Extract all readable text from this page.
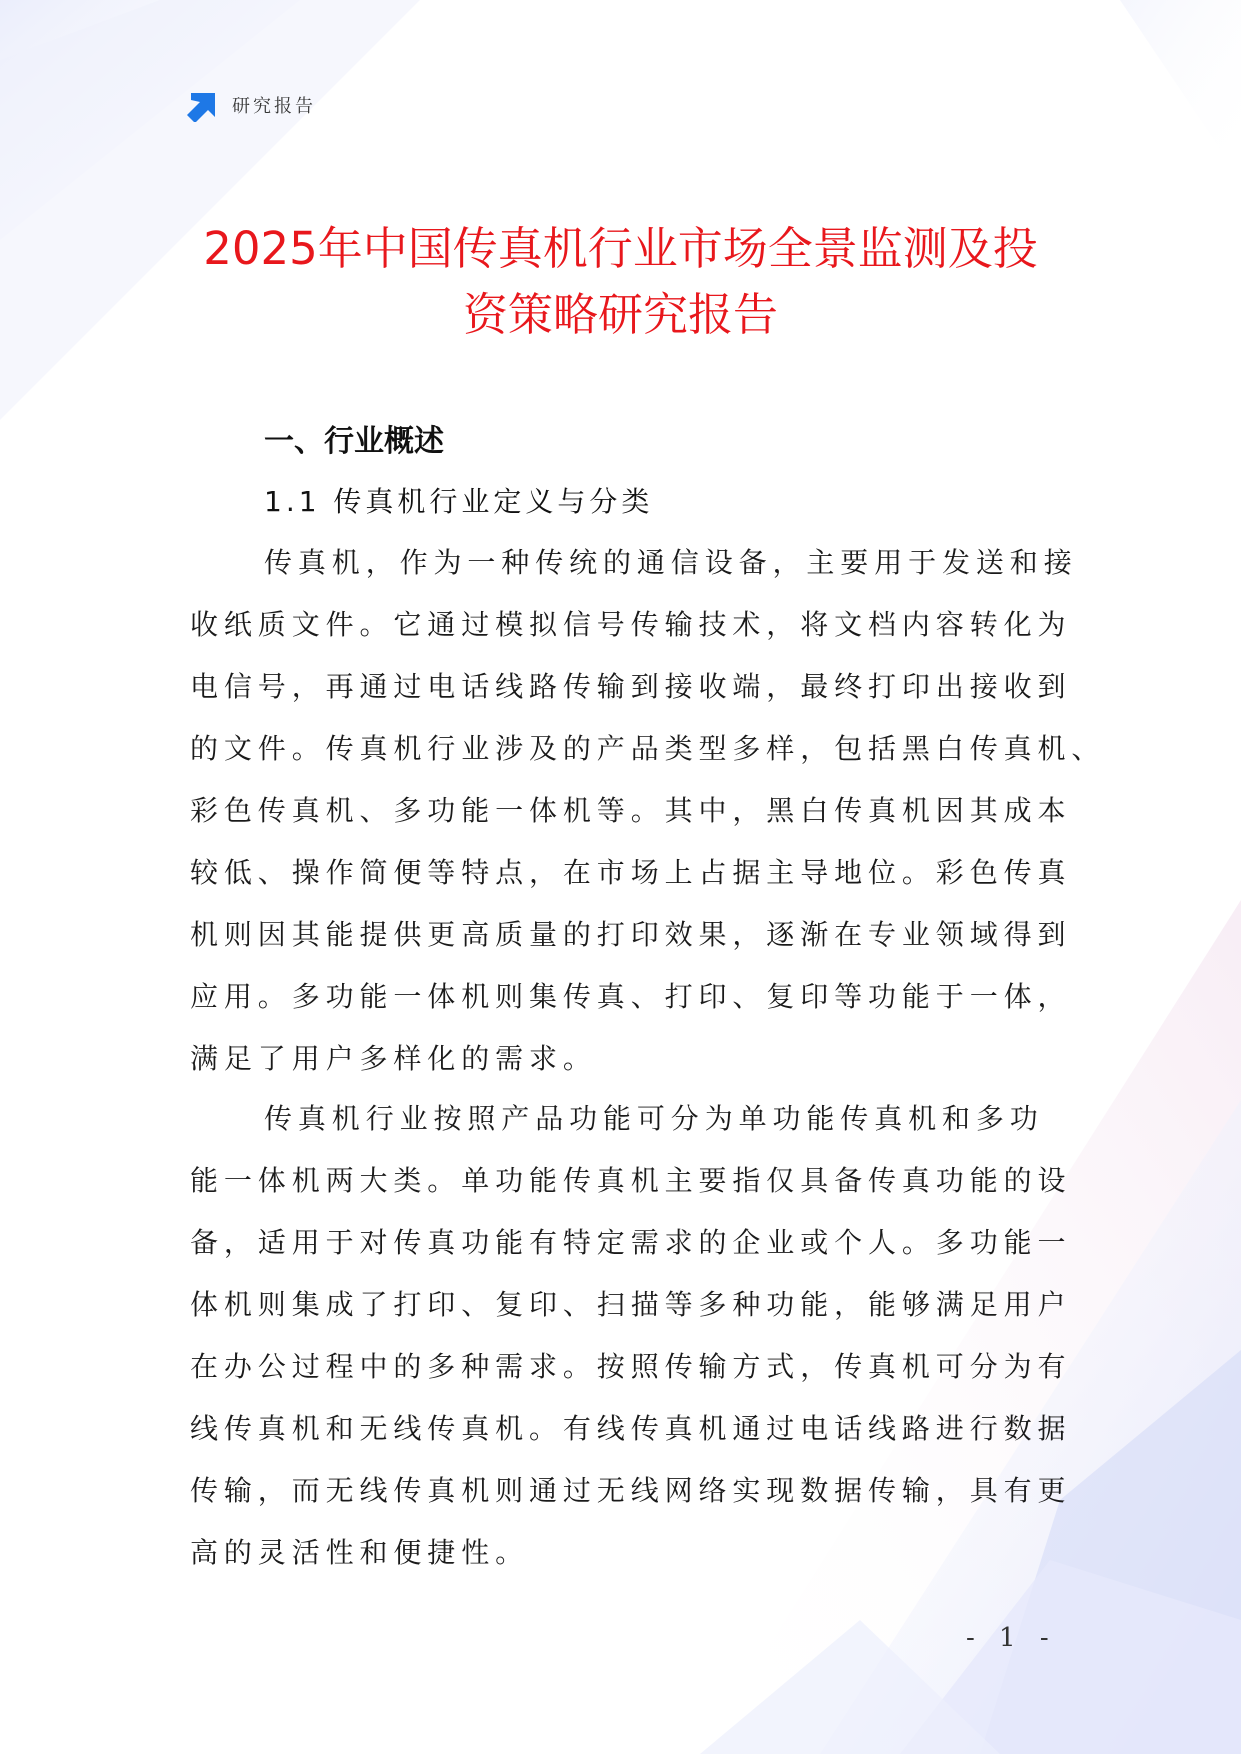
研究报告
2025年中国传真机行业市场全景监测及投
资策略研究报告
一、行业概述
1.1 传真机行业定义与分类

传真机，作为一种传统的通信设备，主要用于发送和接
收纸质文件。它通过模拟信号传输技术，将文档内容转化为
电信号，再通过电话线路传输到接收端，最终打印出接收到
的文件。传真机行业涉及的产品类型多样，包括黑白传真机、
彩色传真机、多功能一体机等。其中，黑白传真机因其成本
较低、操作简便等特点，在市场上占据主导地位。彩色传真
机则因其能提供更高质量的打印效果，逐渐在专业领域得到
应用。多功能一体机则集传真、打印、复印等功能于一体，
满足了用户多样化的需求。

传真机行业按照产品功能可分为单功能传真机和多功
能一体机两大类。单功能传真机主要指仅具备传真功能的设
备，适用于对传真功能有特定需求的企业或个人。多功能一
体机则集成了打印、复印、扫描等多种功能，能够满足用户
在办公过程中的多种需求。按照传输方式，传真机可分为有
线传真机和无线传真机。有线传真机通过电话线路进行数据
传输，而无线传真机则通过无线网络实现数据传输，具有更
高的灵活性和便捷性。

- 1 -
